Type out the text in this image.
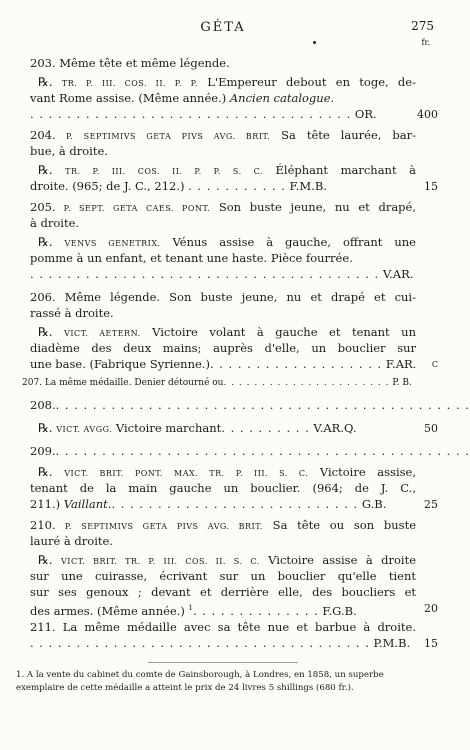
GÉTA	275
fr.
203. Même tête et même légende.
℞. TR. P. III. COS. II. P. P. L'Empereur debout en toge, de-
vant Rome assise. (Même année.) Ancien catalogue.
. . . . . . . . . . . . . . . . . . . . . . . . . . . . . . . . . . . OR.	400
204. P. SEPTIMIVS GETA PIVS AVG. BRIT. Sa tête laurée, bar-
bue, à droite.
℞. TR. P. III. COS. II. P. P. S. C. Éléphant marchant à
droite. (965; de J. C., 212.) . . . . . . . . . . . F.M.B.	15
205. P. SEPT. GETA CAES. PONT. Son buste jeune, nu et drapé,
à droite.
℞. VENVS GENETRIX. Vénus assise à gauche, offrant une
pomme à un enfant, et tenant une haste. Pièce fourrée.
. . . . . . . . . . . . . . . . . . . . . . . . . . . . . . . . . . . . . . V.AR.
206. Même légende. Son buste jeune, nu et drapé et cui-
rassé à droite.
℞. VICT. AETERN. Victoire volant à gauche et tenant un
diadème des deux mains; auprès d'elle, un bouclier sur
une base. (Fabrique Syrienne.). . . . . . . . . . . . . . . . . . . F.AR.	C
207. La même médaille. Denier détourné ou. . . . . . . . . . . . . . . . . . . . . . P. B.
208.. . . . . . . . . . . . . . . . . . . . . . . . . . . . . . . . . . . . . . . . . . . . .
℞. VICT. AVGG. Victoire marchant. . . . . . . . . . V.AR.Q.	50
209.. . . . . . . . . . . . . . . . . . . . . . . . . . . . . . . . . . . . . . . . . . . . .
℞. VICT. BRIT. PONT. MAX. TR. P. III. S. C. Victoire assise,
tenant de la main gauche un bouclier. (964; de J. C.,
211.) Vaillant.. . . . . . . . . . . . . . . . . . . . . . . . . . . G.B.	25
210. P. SEPTIMIVS GETA PIVS AVG. BRIT. Sa tête ou son buste
lauré à droite.
℞. VICT. BRIT. TR. P. III. COS. II. S. C. Victoire assise à droite
sur une cuirasse, écrivant sur un bouclier qu'elle tient
sur ses genoux ; devant et derrière elle, des boucliers et
des armes. (Même année.) $^1$. . . . . . . . . . . . . . F.G.B.	20
211. La même médaille avec sa tête nue et barbue à droite.
. . . . . . . . . . . . . . . . . . . . . . . . . . . . . . . . . . . . . P.M.B.	15
1. A la vente du cabinet du comte de Gainsborough, à Londres, en 1858, un superbe
exemplaire de cette médaille a atteint le prix de 24 livres 5 shillings (680 fr.).
